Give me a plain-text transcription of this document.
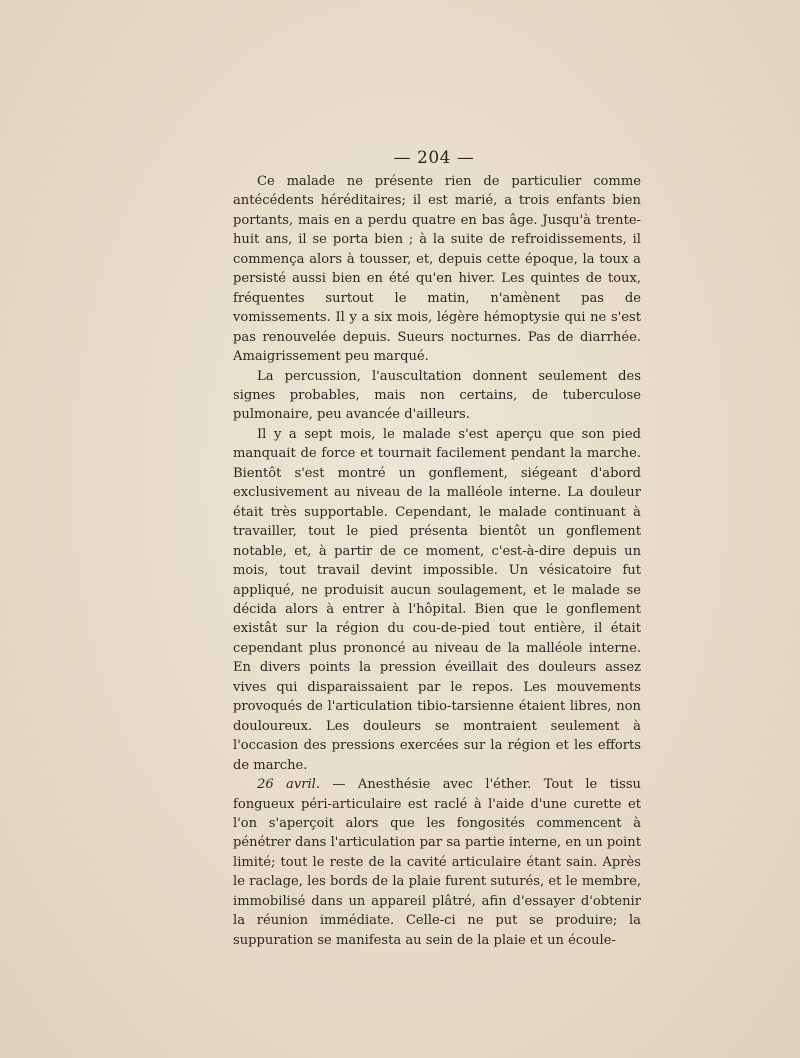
— 204 —

Ce malade ne présente rien de particulier comme antécédents héréditaires; il est marié, a trois enfants bien portants, mais en a perdu quatre en bas âge. Jusqu'à trente-huit ans, il se porta bien ; à la suite de refroidissements, il commença alors à tousser, et, depuis cette époque, la toux a persisté aussi bien en été qu'en hiver. Les quintes de toux, fréquentes surtout le matin, n'amènent pas de vomissements. Il y a six mois, légère hémoptysie qui ne s'est pas renouvelée depuis. Sueurs nocturnes. Pas de diarrhée. Amaigrissement peu marqué.

La percussion, l'auscultation donnent seulement des signes probables, mais non certains, de tuberculose pulmonaire, peu avancée d'ailleurs.

Il y a sept mois, le malade s'est aperçu que son pied manquait de force et tournait facilement pendant la marche. Bientôt s'est montré un gonflement, siégeant d'abord exclusivement au niveau de la malléole interne. La douleur était très supportable. Cependant, le malade continuant à travailler, tout le pied présenta bientôt un gonflement notable, et, à partir de ce moment, c'est-à-dire depuis un mois, tout travail devint impossible. Un vésicatoire fut appliqué, ne produisit aucun soulagement, et le malade se décida alors à entrer à l'hôpital. Bien que le gonflement existât sur la région du cou-de-pied tout entière, il était cependant plus prononcé au niveau de la malléole interne. En divers points la pression éveillait des douleurs assez vives qui disparaissaient par le repos. Les mouvements provoqués de l'articulation tibio-tarsienne étaient libres, non douloureux. Les douleurs se montraient seulement à l'occasion des pressions exercées sur la région et les efforts de marche.

26 avril. — Anesthésie avec l'éther. Tout le tissu fongueux péri-articulaire est raclé à l'aide d'une curette et l'on s'aperçoit alors que les fongosités commencent à pénétrer dans l'articulation par sa partie interne, en un point limité; tout le reste de la cavité articulaire étant sain. Après le raclage, les bords de la plaie furent suturés, et le membre, immobilisé dans un appareil plâtré, afin d'essayer d'obtenir la réunion immédiate. Celle-ci ne put se produire; la suppuration se manifesta au sein de la plaie et un écoule-
